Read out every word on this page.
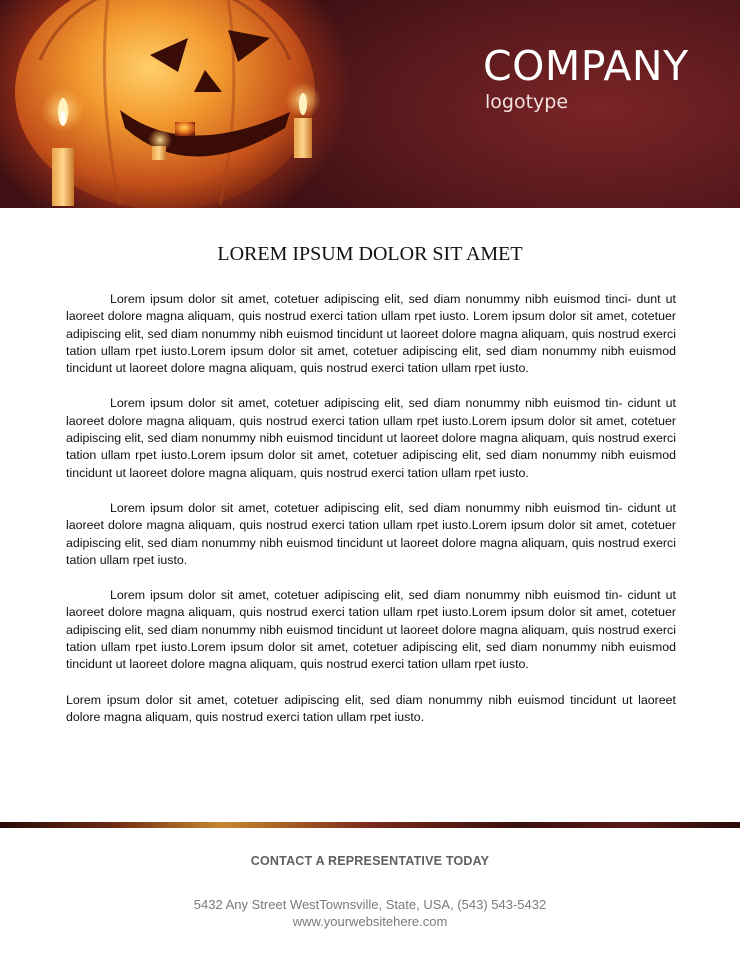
COMPANY
logotype
LOREM IPSUM DOLOR SIT AMET

Lorem ipsum dolor sit amet, cotetuer adipiscing elit, sed diam nonummy nibh euismod tinci- dunt ut laoreet dolore magna aliquam, quis nostrud exerci tation ullam rpet iusto. Lorem ipsum dolor sit amet, cotetuer adipiscing elit, sed diam nonummy nibh euismod tincidunt ut laoreet dolore magna aliquam, quis nostrud exerci tation ullam rpet iusto.Lorem ipsum dolor sit amet, cotetuer adipiscing elit, sed diam nonummy nibh euismod tincidunt ut laoreet dolore magna aliquam, quis nostrud exerci tation ullam rpet iusto.

Lorem ipsum dolor sit amet, cotetuer adipiscing elit, sed diam nonummy nibh euismod tin- cidunt ut laoreet dolore magna aliquam, quis nostrud exerci tation ullam rpet iusto.Lorem ipsum dolor sit amet, cotetuer adipiscing elit, sed diam nonummy nibh euismod tincidunt ut laoreet dolore magna aliquam, quis nostrud exerci tation ullam rpet iusto.Lorem ipsum dolor sit amet, cotetuer adipiscing elit, sed diam nonummy nibh euismod tincidunt ut laoreet dolore magna aliquam, quis nostrud exerci tation ullam rpet iusto.

Lorem ipsum dolor sit amet, cotetuer adipiscing elit, sed diam nonummy nibh euismod tin- cidunt ut laoreet dolore magna aliquam, quis nostrud exerci tation ullam rpet iusto.Lorem ipsum dolor sit amet, cotetuer adipiscing elit, sed diam nonummy nibh euismod tincidunt ut laoreet dolore magna aliquam, quis nostrud exerci tation ullam rpet iusto.

Lorem ipsum dolor sit amet, cotetuer adipiscing elit, sed diam nonummy nibh euismod tin- cidunt ut laoreet dolore magna aliquam, quis nostrud exerci tation ullam rpet iusto.Lorem ipsum dolor sit amet, cotetuer adipiscing elit, sed diam nonummy nibh euismod tincidunt ut laoreet dolore magna aliquam, quis nostrud exerci tation ullam rpet iusto.Lorem ipsum dolor sit amet, cotetuer adipiscing elit, sed diam nonummy nibh euismod tincidunt ut laoreet dolore magna aliquam, quis nostrud exerci tation ullam rpet iusto.

Lorem ipsum dolor sit amet, cotetuer adipiscing elit, sed diam nonummy nibh euismod tincidunt ut laoreet dolore magna aliquam, quis nostrud exerci tation ullam rpet iusto.

CONTACT A REPRESENTATIVE TODAY
5432 Any Street WestTownsville, State, USA, (543) 543-5432
www.yourwebsitehere.com
